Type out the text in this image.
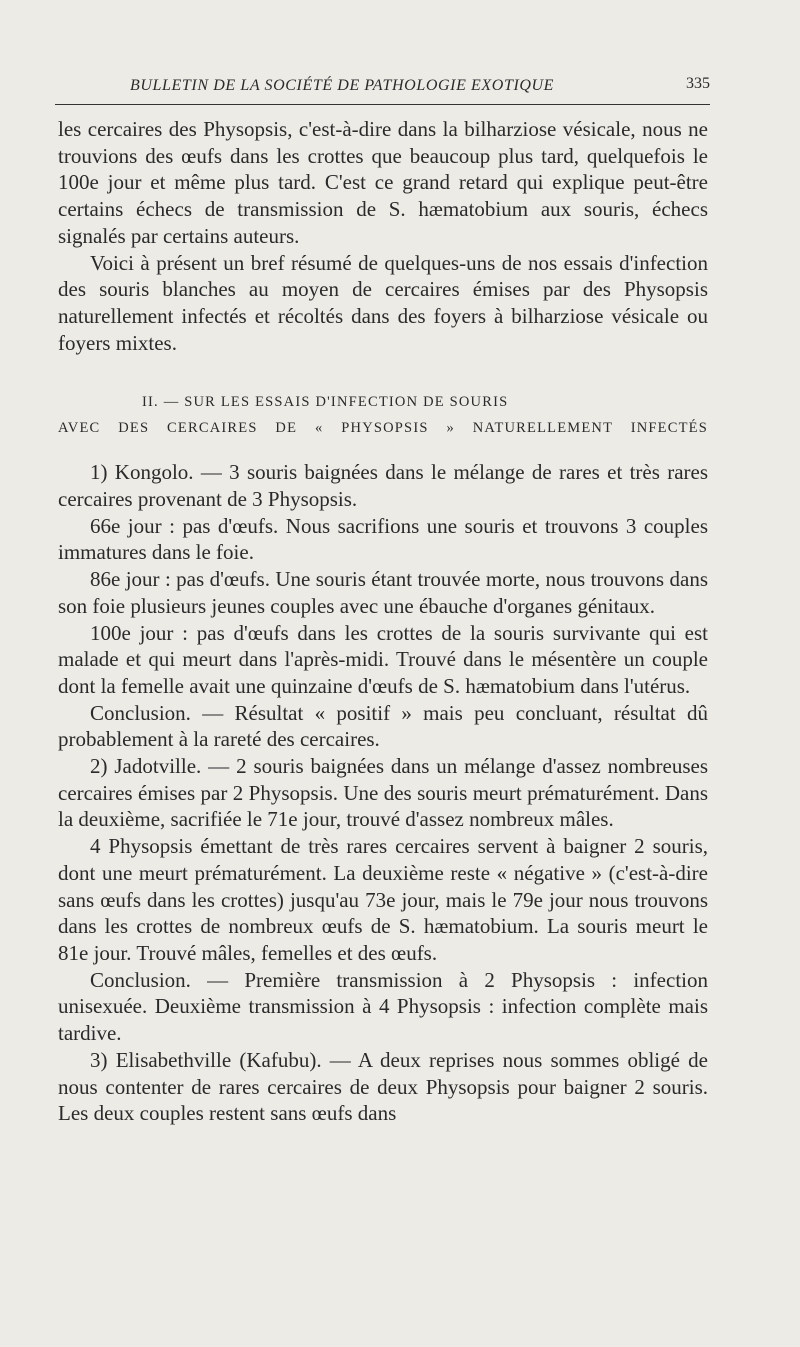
BULLETIN DE LA SOCIÉTÉ DE PATHOLOGIE EXOTIQUE	335

les cercaires des Physopsis, c'est-à-dire dans la bilharziose vésicale, nous ne trouvions des œufs dans les crottes que beaucoup plus tard, quelquefois le 100e jour et même plus tard. C'est ce grand retard qui explique peut-être certains échecs de transmission de S. hæmatobium aux souris, échecs signalés par certains auteurs.

Voici à présent un bref résumé de quelques-uns de nos essais d'infection des souris blanches au moyen de cercaires émises par des Physopsis naturellement infectés et récoltés dans des foyers à bilharziose vésicale ou foyers mixtes.

II. — SUR LES ESSAIS D'INFECTION DE SOURIS
AVEC DES CERCAIRES DE « PHYSOPSIS » NATURELLEMENT INFECTÉS

1) Kongolo. — 3 souris baignées dans le mélange de rares et très rares cercaires provenant de 3 Physopsis.

66e jour : pas d'œufs. Nous sacrifions une souris et trouvons 3 couples immatures dans le foie.

86e jour : pas d'œufs. Une souris étant trouvée morte, nous trouvons dans son foie plusieurs jeunes couples avec une ébauche d'organes génitaux.

100e jour : pas d'œufs dans les crottes de la souris survivante qui est malade et qui meurt dans l'après-midi. Trouvé dans le mésentère un couple dont la femelle avait une quinzaine d'œufs de S. hæmatobium dans l'utérus.

Conclusion. — Résultat « positif » mais peu concluant, résultat dû probablement à la rareté des cercaires.

2) Jadotville. — 2 souris baignées dans un mélange d'assez nombreuses cercaires émises par 2 Physopsis. Une des souris meurt prématurément. Dans la deuxième, sacrifiée le 71e jour, trouvé d'assez nombreux mâles.

4 Physopsis émettant de très rares cercaires servent à baigner 2 souris, dont une meurt prématurément. La deuxième reste « négative » (c'est-à-dire sans œufs dans les crottes) jusqu'au 73e jour, mais le 79e jour nous trouvons dans les crottes de nombreux œufs de S. hæmatobium. La souris meurt le 81e jour. Trouvé mâles, femelles et des œufs.

Conclusion. — Première transmission à 2 Physopsis : infection unisexuée. Deuxième transmission à 4 Physopsis : infection complète mais tardive.

3) Elisabethville (Kafubu). — A deux reprises nous sommes obligé de nous contenter de rares cercaires de deux Physopsis pour baigner 2 souris. Les deux couples restent sans œufs dans
